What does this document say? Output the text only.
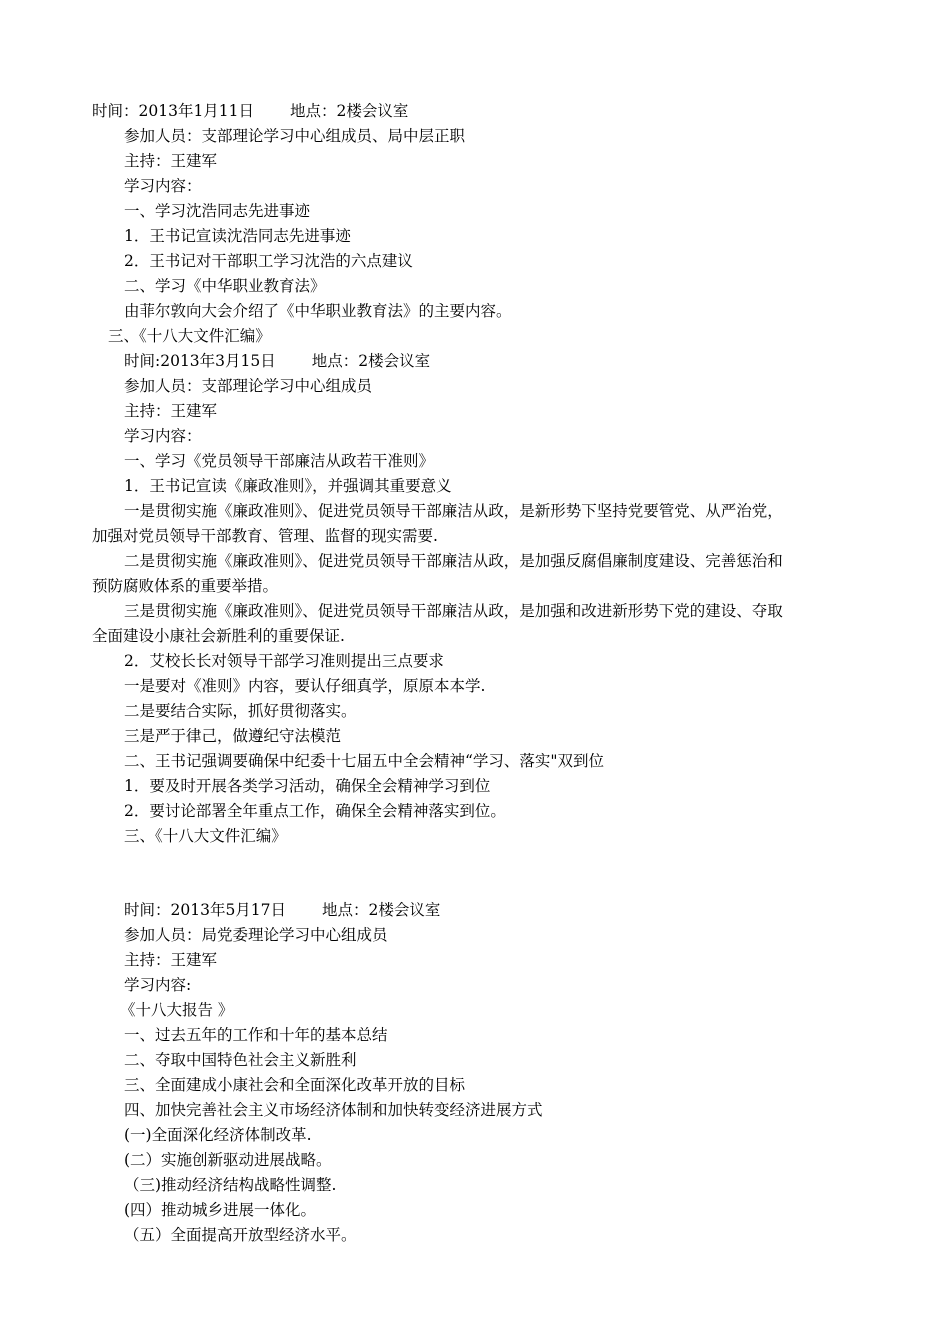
时间：2013年1月11日 地点：2楼会议室
参加人员：支部理论学习中心组成员、局中层正职
主持：王建军
学习内容：
一、学习沈浩同志先进事迹
1．王书记宣读沈浩同志先进事迹
2．王书记对干部职工学习沈浩的六点建议
二、学习《中华职业教育法》
由菲尔敦向大会介绍了《中华职业教育法》的主要内容。
三、《十八大文件汇编》
时间:2013年3月15日 地点：2楼会议室
参加人员：支部理论学习中心组成员
主持：王建军
学习内容：
一、学习《党员领导干部廉洁从政若干准则》
1．王书记宣读《廉政准则》，并强调其重要意义
一是贯彻实施《廉政准则》、促进党员领导干部廉洁从政，是新形势下坚持党要管党、从严治党，
加强对党员领导干部教育、管理、监督的现实需要.
二是贯彻实施《廉政准则》、促进党员领导干部廉洁从政，是加强反腐倡廉制度建设、完善惩治和
预防腐败体系的重要举措。
三是贯彻实施《廉政准则》、促进党员领导干部廉洁从政，是加强和改进新形势下党的建设、夺取
全面建设小康社会新胜利的重要保证.
2．艾校长长对领导干部学习准则提出三点要求
一是要对《准则》内容，要认仔细真学，原原本本学.
二是要结合实际，抓好贯彻落实。
三是严于律己，做遵纪守法模范
二、王书记强调要确保中纪委十七届五中全会精神“学习、落实"双到位
1．要及时开展各类学习活动，确保全会精神学习到位
2．要讨论部署全年重点工作，确保全会精神落实到位。
三、《十八大文件汇编》
时间：2013年5月17日 地点：2楼会议室
参加人员：局党委理论学习中心组成员
主持：王建军
学习内容:
《十八大报告 》
一、过去五年的工作和十年的基本总结
二、夺取中国特色社会主义新胜利
三、全面建成小康社会和全面深化改革开放的目标
四、加快完善社会主义市场经济体制和加快转变经济进展方式
(一)全面深化经济体制改革.
(二）实施创新驱动进展战略。
（三)推动经济结构战略性调整.
(四）推动城乡进展一体化。
（五）全面提高开放型经济水平。
